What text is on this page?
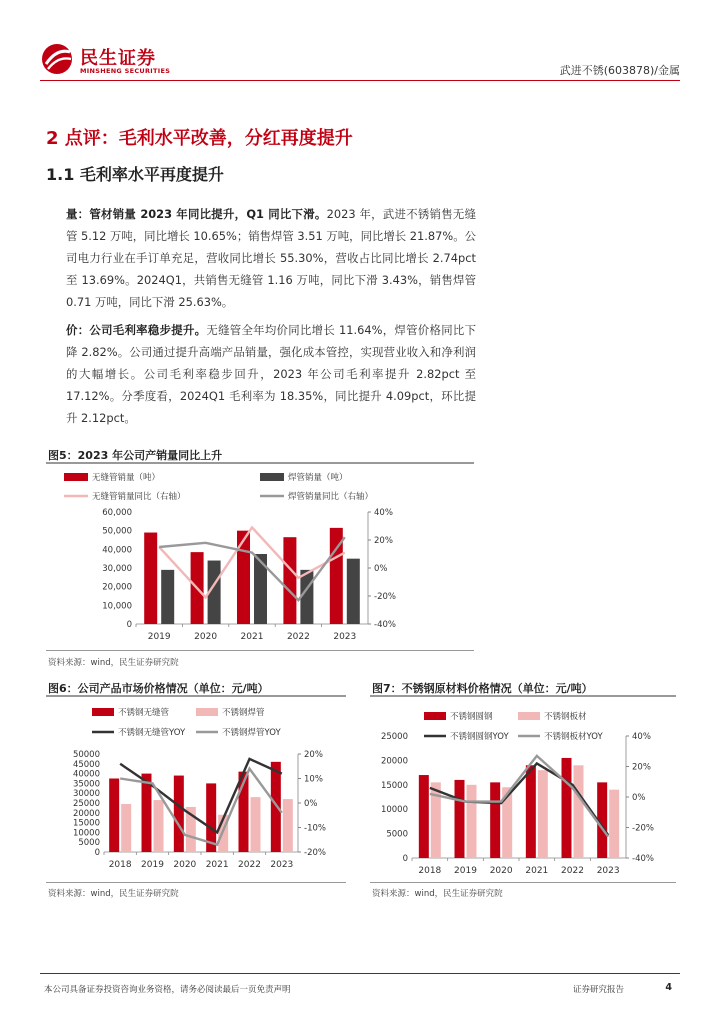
民生证券
MINSHENG SECURITIES	武进不锈(603878)/金属
2 点评：毛利水平改善，分红再度提升
1.1 毛利率水平再度提升
量：管材销量 2023 年同比提升，Q1 同比下滑。2023 年，武进不锈销售无缝管 5.12 万吨，同比增长 10.65%；销售焊管 3.51 万吨，同比增长 21.87%。公司电力行业在手订单充足，营收同比增长 55.30%，营收占比同比增长 2.74pct 至 13.69%。2024Q1，共销售无缝管 1.16 万吨，同比下滑 3.43%，销售焊管 0.71 万吨，同比下滑 25.63%。
价：公司毛利率稳步提升。无缝管全年均价同比增长 11.64%，焊管价格同比下降 2.82%。公司通过提升高端产品销量，强化成本管控，实现营业收入和净利润的大幅增长。公司毛利率稳步回升，2023 年公司毛利率提升 2.82pct 至 17.12%。分季度看，2024Q1 毛利率为 18.35%，同比提升 4.09pct，环比提升 2.12pct。
图5：2023 年公司产销量同比上升
无缝管销量（吨）	焊管销量（吨）
无缝管销量同比（右轴）	焊管销量同比（右轴）
60,000
50,000
40,000
30,000
20,000
10,000
0
40%
20%
0%
-20%
-40%
2019	2020	2021	2022	2023
资料来源：wind，民生证券研究院
图6：公司产品市场价格情况（单位：元/吨）
不锈钢无缝管	不锈钢焊管
不锈钢无缝管YOY	不锈钢焊管YOY
50000
45000
40000
35000
30000
25000
20000
15000
10000
5000
0
20%
10%
0%
-10%
-20%
2018 2019 2020 2021 2022 2023
资料来源：wind，民生证券研究院
图7：不锈钢原材料价格情况（单位：元/吨）
不锈钢圆钢	不锈钢板材
不锈钢圆钢YOY	不锈钢板材YOY
25000
20000
15000
10000
5000
0
40%
20%
0%
-20%
-40%
2018 2019 2020 2021 2022 2023
资料来源：wind，民生证券研究院
本公司具备证券投资咨询业务资格，请务必阅读最后一页免责声明	证券研究报告	4
